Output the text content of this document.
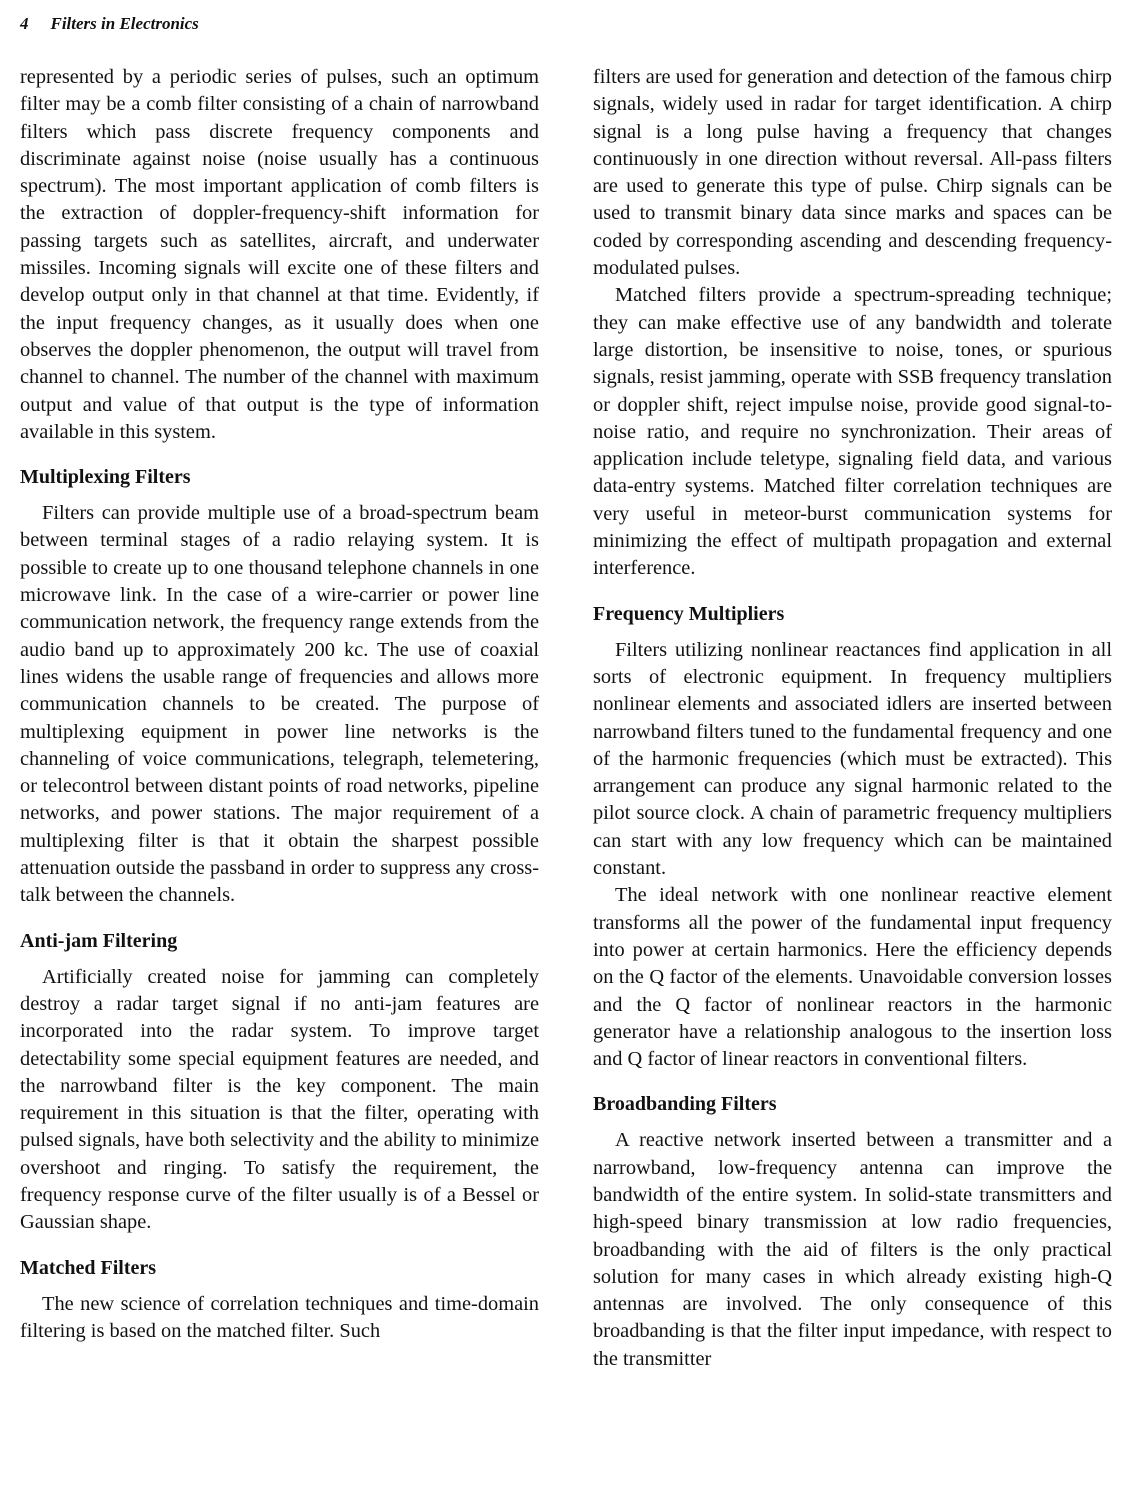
4 Filters in Electronics

represented by a periodic series of pulses, such an optimum filter may be a comb filter consisting of a chain of narrowband filters which pass discrete frequency components and discriminate against noise (noise usually has a continuous spectrum). The most important application of comb filters is the extraction of doppler-frequency-shift information for passing targets such as satellites, aircraft, and underwater missiles. Incoming signals will excite one of these filters and develop output only in that channel at that time. Evidently, if the input frequency changes, as it usually does when one observes the doppler phenomenon, the output will travel from channel to channel. The number of the channel with maximum output and value of that output is the type of information available in this system.

Multiplexing Filters

Filters can provide multiple use of a broad-spectrum beam between terminal stages of a radio relaying system. It is possible to create up to one thousand telephone channels in one microwave link. In the case of a wire-carrier or power line communication network, the frequency range extends from the audio band up to approximately 200 kc. The use of coaxial lines widens the usable range of frequencies and allows more communication channels to be created. The purpose of multiplexing equipment in power line networks is the channeling of voice communications, telegraph, telemetering, or telecontrol between distant points of road networks, pipeline networks, and power stations. The major requirement of a multiplexing filter is that it obtain the sharpest possible attenuation outside the passband in order to suppress any cross-talk between the channels.

Anti-jam Filtering

Artificially created noise for jamming can completely destroy a radar target signal if no anti-jam features are incorporated into the radar system. To improve target detectability some special equipment features are needed, and the narrowband filter is the key component. The main requirement in this situation is that the filter, operating with pulsed signals, have both selectivity and the ability to minimize overshoot and ringing. To satisfy the requirement, the frequency response curve of the filter usually is of a Bessel or Gaussian shape.

Matched Filters

The new science of correlation techniques and time-domain filtering is based on the matched filter. Such

filters are used for generation and detection of the famous chirp signals, widely used in radar for target identification. A chirp signal is a long pulse having a frequency that changes continuously in one direction without reversal. All-pass filters are used to generate this type of pulse. Chirp signals can be used to transmit binary data since marks and spaces can be coded by corresponding ascending and descending frequency-modulated pulses.

Matched filters provide a spectrum-spreading technique; they can make effective use of any bandwidth and tolerate large distortion, be insensitive to noise, tones, or spurious signals, resist jamming, operate with SSB frequency translation or doppler shift, reject impulse noise, provide good signal-to-noise ratio, and require no synchronization. Their areas of application include teletype, signaling field data, and various data-entry systems. Matched filter correlation techniques are very useful in meteor-burst communication systems for minimizing the effect of multipath propagation and external interference.

Frequency Multipliers

Filters utilizing nonlinear reactances find application in all sorts of electronic equipment. In frequency multipliers nonlinear elements and associated idlers are inserted between narrowband filters tuned to the fundamental frequency and one of the harmonic frequencies (which must be extracted). This arrangement can produce any signal harmonic related to the pilot source clock. A chain of parametric frequency multipliers can start with any low frequency which can be maintained constant.

The ideal network with one nonlinear reactive element transforms all the power of the fundamental input frequency into power at certain harmonics. Here the efficiency depends on the Q factor of the elements. Unavoidable conversion losses and the Q factor of nonlinear reactors in the harmonic generator have a relationship analogous to the insertion loss and Q factor of linear reactors in conventional filters.

Broadbanding Filters

A reactive network inserted between a transmitter and a narrowband, low-frequency antenna can improve the bandwidth of the entire system. In solid-state transmitters and high-speed binary transmission at low radio frequencies, broadbanding with the aid of filters is the only practical solution for many cases in which already existing high-Q antennas are involved. The only consequence of this broadbanding is that the filter input impedance, with respect to the transmitter
